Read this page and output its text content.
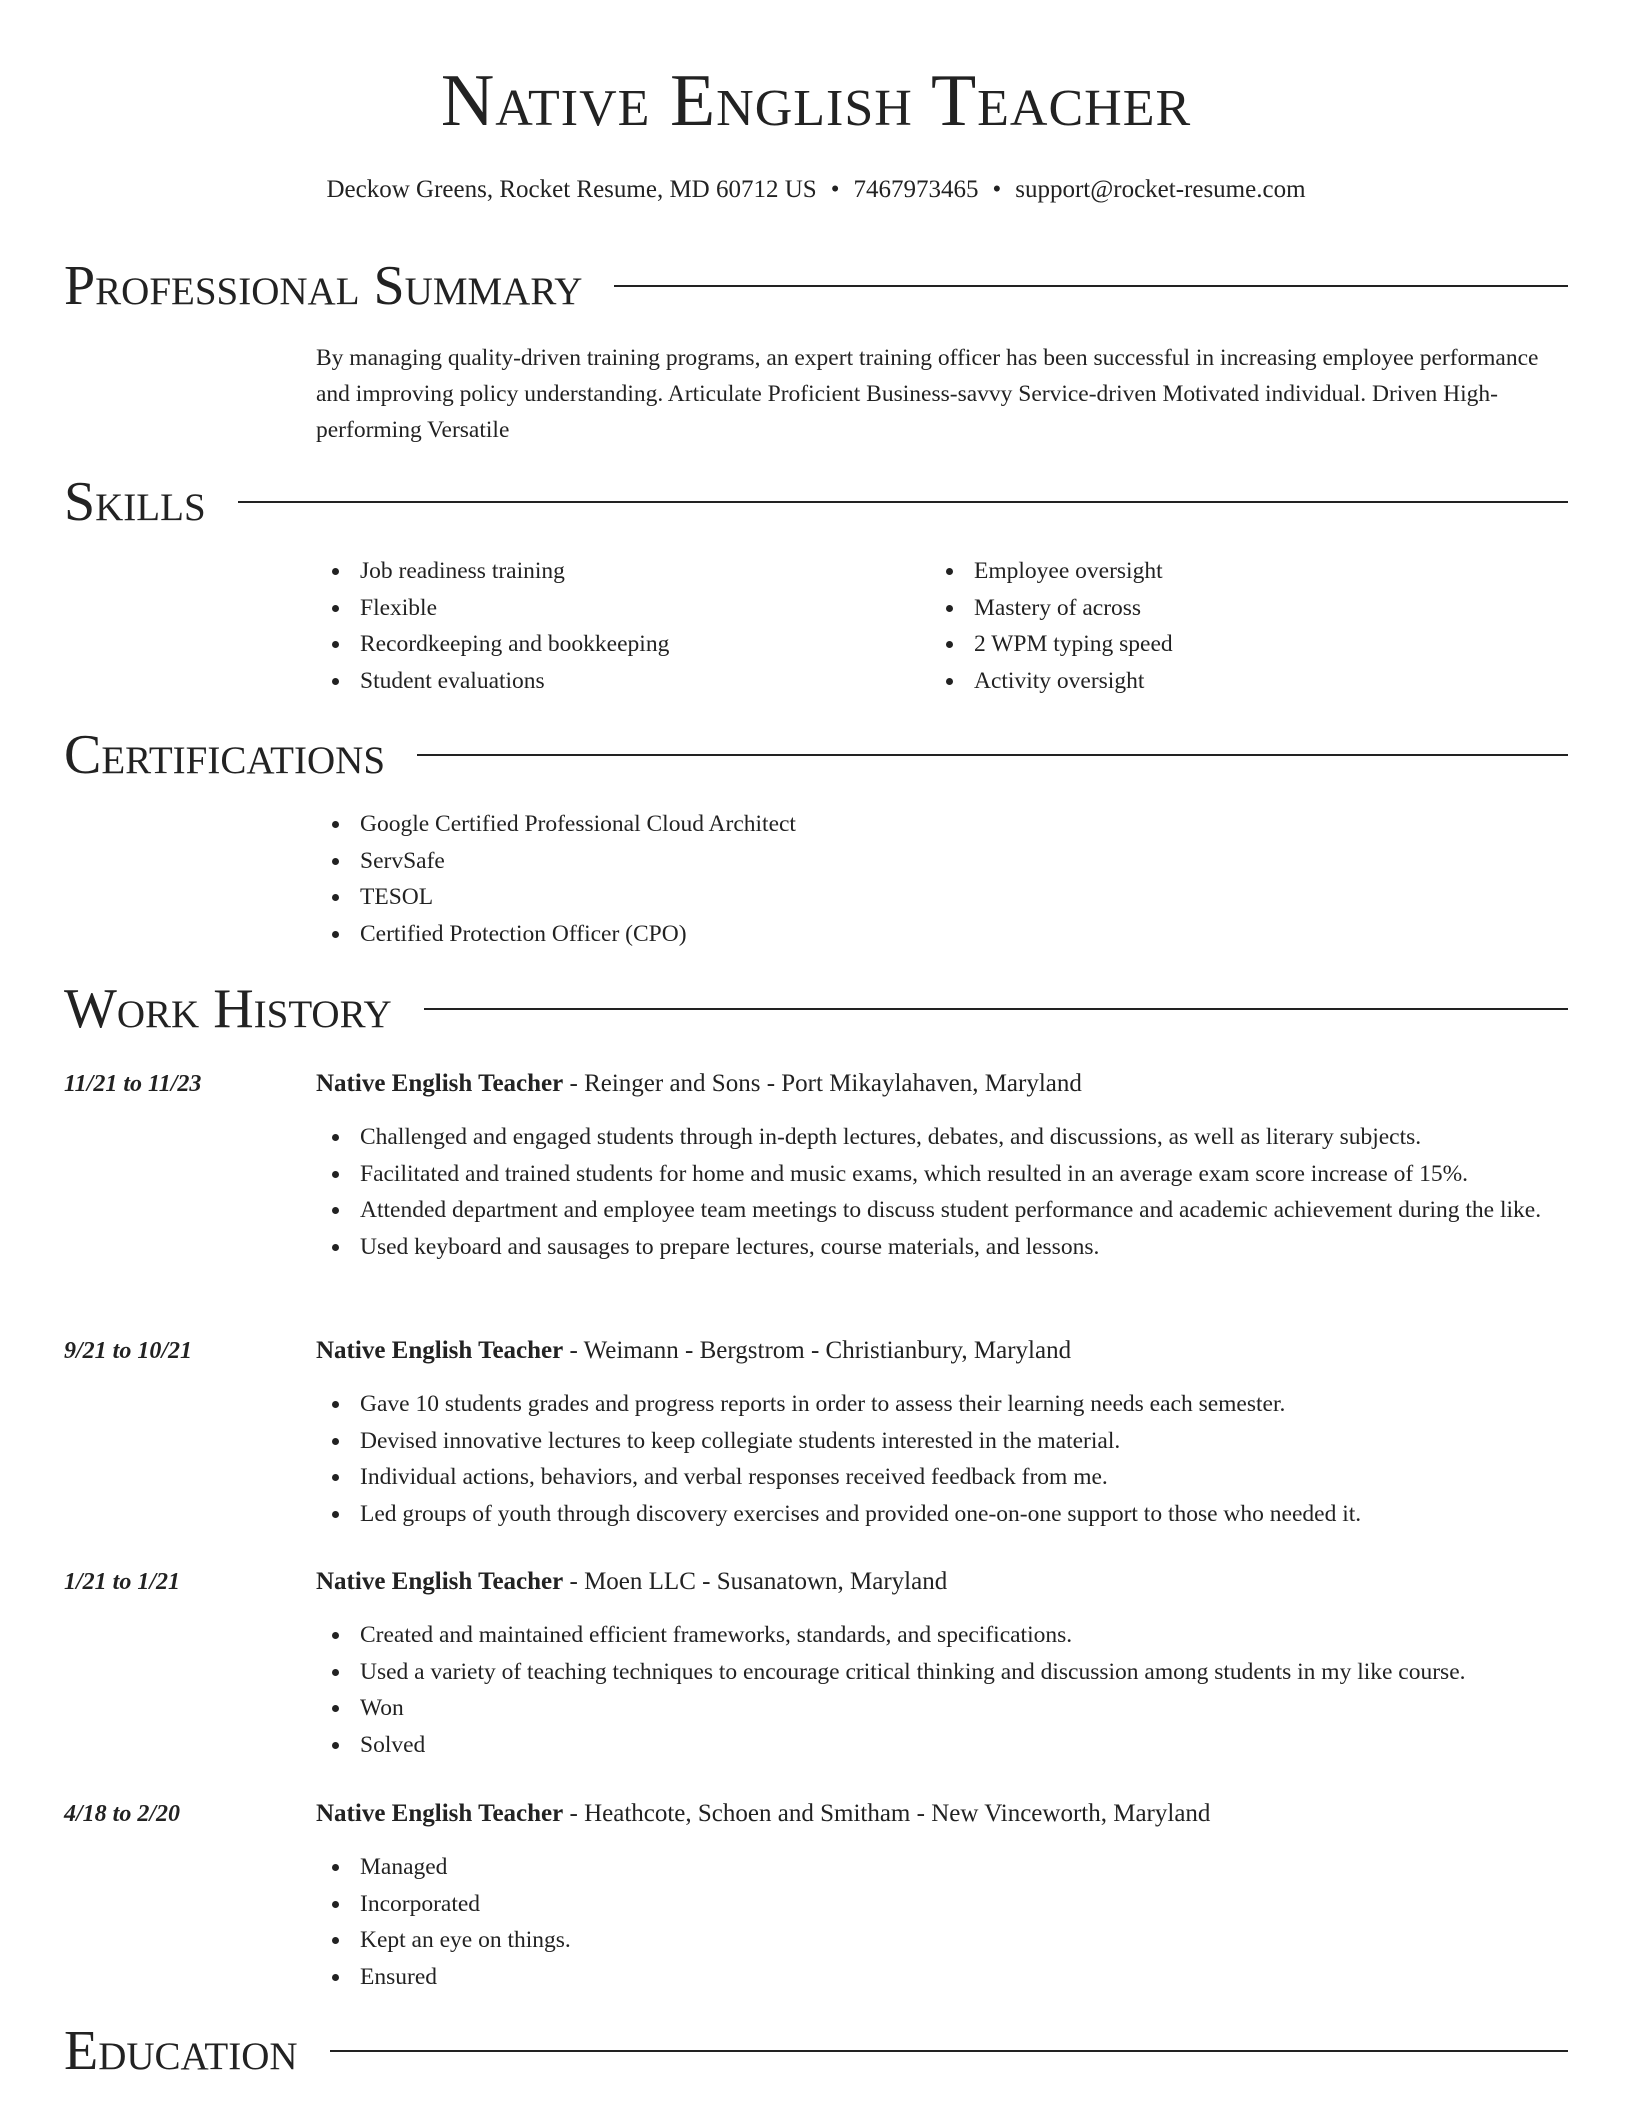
Native English Teacher
Deckow Greens, Rocket Resume, MD 60712 US • 7467973465 • support@rocket-resume.com
Professional Summary

By managing quality-driven training programs, an expert training officer has been successful in increasing employee performance and improving policy understanding. Articulate Proficient Business-savvy Service-driven Motivated individual. Driven High-performing Versatile

Skills
Job readiness training
Flexible
Recordkeeping and bookkeeping
Student evaluations
Employee oversight
Mastery of across
2 WPM typing speed
Activity oversight
Certifications
Google Certified Professional Cloud Architect
ServSafe
TESOL
Certified Protection Officer (CPO)
Work History
11/21 to 11/23	Native English Teacher - Reinger and Sons - Port Mikaylahaven, Maryland
Challenged and engaged students through in-depth lectures, debates, and discussions, as well as literary subjects.
Facilitated and trained students for home and music exams, which resulted in an average exam score increase of 15%.
Attended department and employee team meetings to discuss student performance and academic achievement during the like.
Used keyboard and sausages to prepare lectures, course materials, and lessons.
9/21 to 10/21	Native English Teacher - Weimann - Bergstrom - Christianbury, Maryland
Gave 10 students grades and progress reports in order to assess their learning needs each semester.
Devised innovative lectures to keep collegiate students interested in the material.
Individual actions, behaviors, and verbal responses received feedback from me.
Led groups of youth through discovery exercises and provided one-on-one support to those who needed it.
1/21 to 1/21	Native English Teacher - Moen LLC - Susanatown, Maryland
Created and maintained efficient frameworks, standards, and specifications.
Used a variety of teaching techniques to encourage critical thinking and discussion among students in my like course.
Won
Solved
4/18 to 2/20	Native English Teacher - Heathcote, Schoen and Smitham - New Vinceworth, Maryland
Managed
Incorporated
Kept an eye on things.
Ensured
Education
